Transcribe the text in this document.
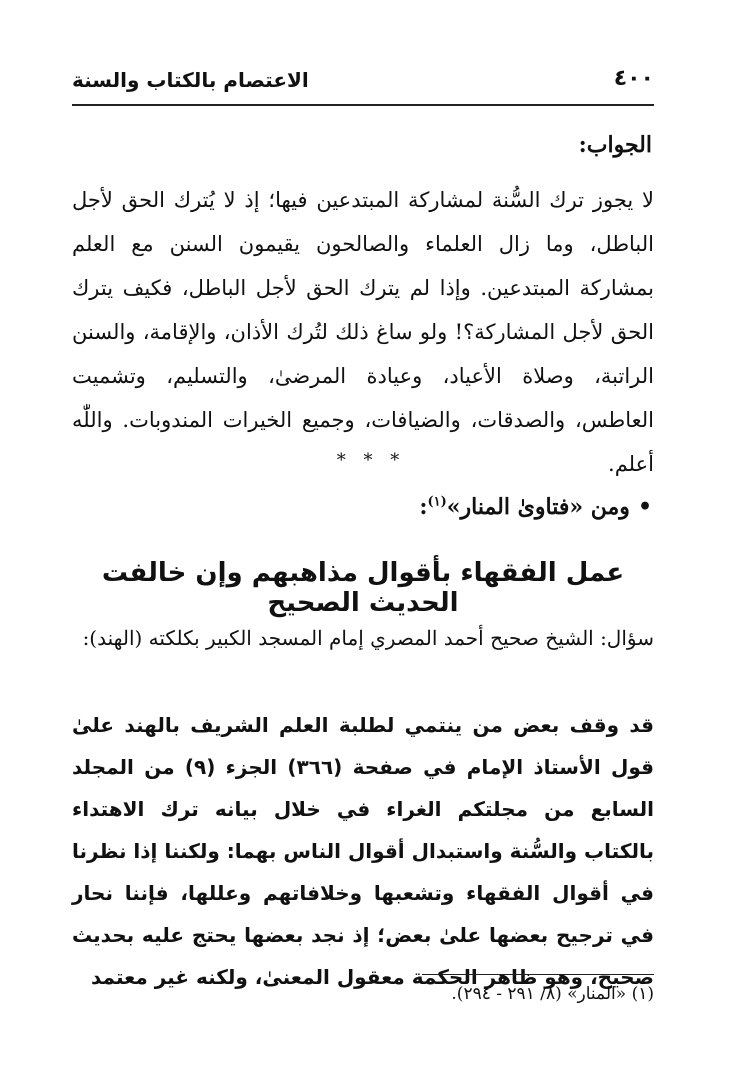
٤٠٠
الاعتصام بالكتاب والسنة
الجواب:
لا يجوز ترك السُّنة لمشاركة المبتدعين فيها؛ إذ لا يُترك الحق لأجل الباطل، وما زال العلماء والصالحون يقيمون السنن مع العلم بمشاركة المبتدعين. وإذا لم يترك الحق لأجل الباطل، فكيف يترك الحق لأجل المشاركة؟! ولو ساغ ذلك لتُرك الأذان، والإقامة، والسنن الراتبة، وصلاة الأعياد، وعيادة المرضىٰ، والتسليم، وتشميت العاطس، والصدقات، والضيافات، وجميع الخيرات المندوبات. واللّٰه أعلم.
* * *
•ومن «فتاوىٰ المنار»$^{(١)}$:
عمل الفقهاء بأقوال مذاهبهم وإن خالفت الحديث الصحيح
سؤال: الشيخ صحيح أحمد المصري إمام المسجد الكبير بكلكته (الهند):
قد وقف بعض من ينتمي لطلبة العلم الشريف بالهند علىٰ قول الأستاذ الإمام في صفحة (٣٦٦) الجزء (٩) من المجلد السابع من مجلتكم الغراء في خلال بيانه ترك الاهتداء بالكتاب والسُّنة واستبدال أقوال الناس بهما: ولكننا إذا نظرنا في أقوال الفقهاء وتشعبها وخلافاتهم وعللها، فإننا نحار في ترجيح بعضها علىٰ بعض؛ إذ نجد بعضها يحتج عليه بحديث صحيح، وهو ظاهر الحكمة معقول المعنىٰ، ولكنه غير معتمد
(١) «المنار» (٨/ ٢٩١ - ٢٩٤).
